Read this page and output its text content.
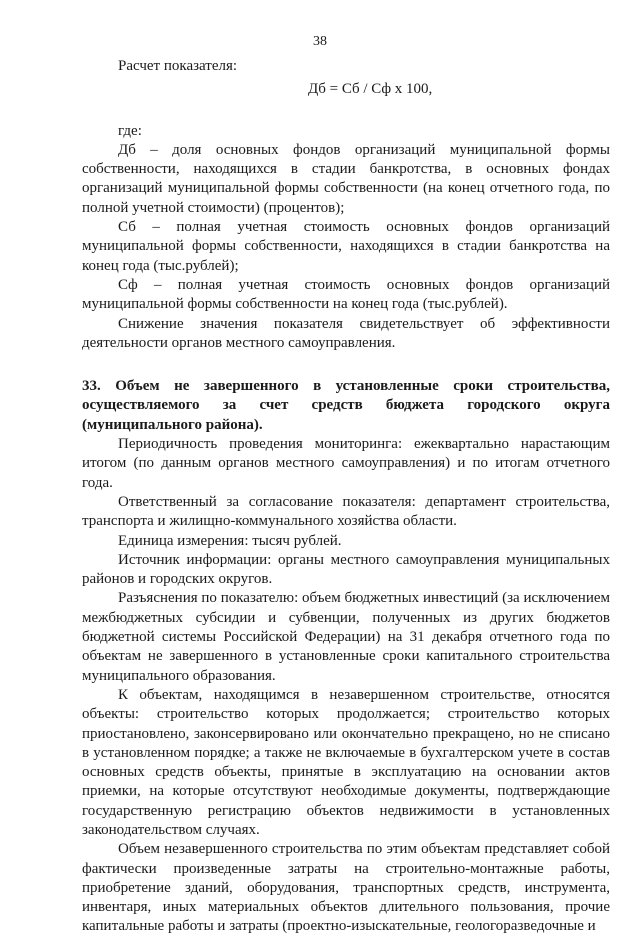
38

Расчет показателя:

Дб = Сб / Сф х 100,

где:

Дб – доля основных фондов организаций муниципальной формы собственности, находящихся в стадии банкротства, в основных фондах организаций муниципальной формы собственности (на конец отчетного года, по полной учетной стоимости) (процентов);

Сб – полная учетная стоимость основных фондов организаций муниципальной формы собственности, находящихся в стадии банкротства на конец года (тыс.рублей);

Сф – полная учетная стоимость основных фондов организаций муниципальной формы собственности на конец года (тыс.рублей).

Снижение значения показателя свидетельствует об эффективности деятельности органов местного самоуправления.

33. Объем не завершенного в установленные сроки строительства, осуществляемого за счет средств бюджета городского округа (муниципального района).

Периодичность проведения мониторинга: ежеквартально нарастающим итогом (по данным органов местного самоуправления) и по итогам отчетного года.

Ответственный за согласование показателя: департамент строительства, транспорта и жилищно-коммунального хозяйства области.

Единица измерения: тысяч рублей.

Источник информации: органы местного самоуправления муниципальных районов и городских округов.

Разъяснения по показателю: объем бюджетных инвестиций (за исключением межбюджетных субсидии и субвенции, полученных из других бюджетов бюджетной системы Российской Федерации) на 31 декабря отчетного года по объектам не завершенного в установленные сроки капитального строительства муниципального образования.

К объектам, находящимся в незавершенном строительстве, относятся объекты: строительство которых продолжается; строительство которых приостановлено, законсервировано или окончательно прекращено, но не списано в установленном порядке; а также не включаемые в бухгалтерском учете в состав основных средств объекты, принятые в эксплуатацию на основании актов приемки, на которые отсутствуют необходимые документы, подтверждающие государственную регистрацию объектов недвижимости в установленных законодательством случаях.

Объем незавершенного строительства по этим объектам представляет собой фактически произведенные затраты на строительно-монтажные работы, приобретение зданий, оборудования, транспортных средств, инструмента, инвентаря, иных материальных объектов длительного пользования, прочие капитальные работы и затраты (проектно-изыскательные, геологоразведочные и
